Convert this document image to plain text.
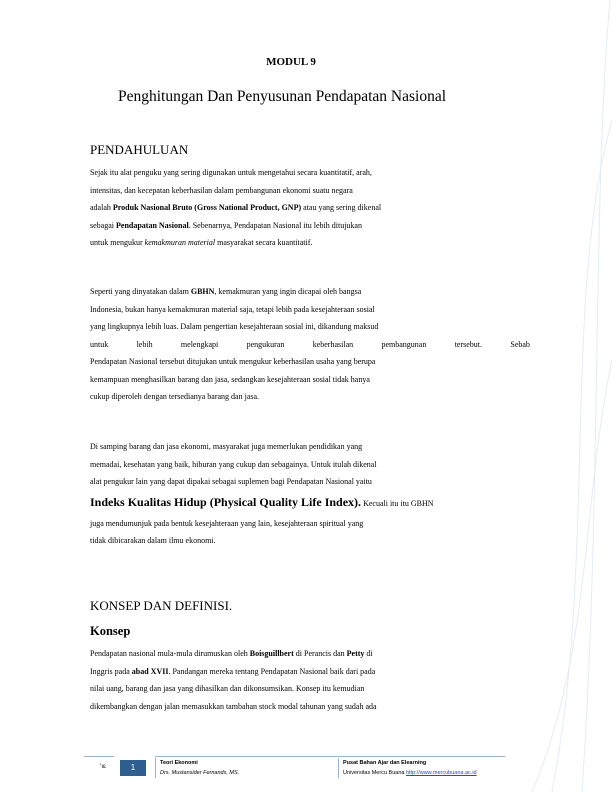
MODUL 9
Penghitungan Dan Penyusunan Pendapatan Nasional
PENDAHULUAN

Sejak itu alat penguku yang sering digunakan untuk mengetahui secara kuantitatif, arah,

intensitas, dan kecepatan keberhasilan dalam pembangunan ekonomi suatu negara

adalah Produk Nasional Bruto (Gross National Product, GNP) atau yang sering dikenal

sebagai Pendapatan Nasional. Sebenarnya, Pendapatan Nasional itu lebih ditujukan

untuk mengukur kemakmuran material masyarakat secara kuantitatif.

Seperti yang dinyatakan dalam GBHN, kemakmuran yang ingin dicapai oleh bangsa

Indonesia, bukan hanya kemakmuran material saja, tetapi lebih pada kesejahteraan sosial

yang lingkupnya lebih luas. Dalam pengertian kesejahteraan sosial ini, dikandung maksud

untuk	lebih	melengkapi	pengukuran	keberhasilan	pembangunan	tersebut.	Sebab

Pendapatan Nasional tersebut ditujukan untuk mengukur keberhasilan usaha yang berupa

kemampuan menghasilkan barang dan jasa, sedangkan kesejahteraan sosial tidak hanya

cukup diperoleh dengan tersedianya barang dan jasa.

Di samping barang dan jasa ekonomi, masyarakat juga memerlukan pendidikan yang

memadai, kesehatan yang baik, hiburan yang cukup dan sebagainya. Untuk itulah dikenal

alat pengukur lain yang dapat dipakai sebagai suplemen bagi Pendapatan Nasional yaitu

Indeks Kualitas Hidup (Physical Quality Life Index). Kecuali itu itu GBHN

juga mendumunjuk pada bentuk kesejahteraan yang lain, kesejahteraan spiritual yang

tidak dibicarakan dalam ilmu ekonomi.

KONSEP DAN DEFINISI.
Konsep

Pendapatan nasional mula-mula dirumuskan oleh Boisguillbert di Perancis dan Petty di

Inggris pada abad XVII. Pandangan mereka tentang Pendapatan Nasional baik dari pada

nilai uang, barang dan jasa yang dihasilkan dan dikonsumsikan. Konsep itu kemudian

dikembangkan dengan jalan memasukkan tambahan stock modal tahunan yang sudah ada

‘ıɛ	1	Teori Ekonomi
Drs. Mustansider Fernands, MS.
Pusat Bahan Ajar dan Elearning
Universitas Mercu Buana http://www.mercubuana.ac.id
